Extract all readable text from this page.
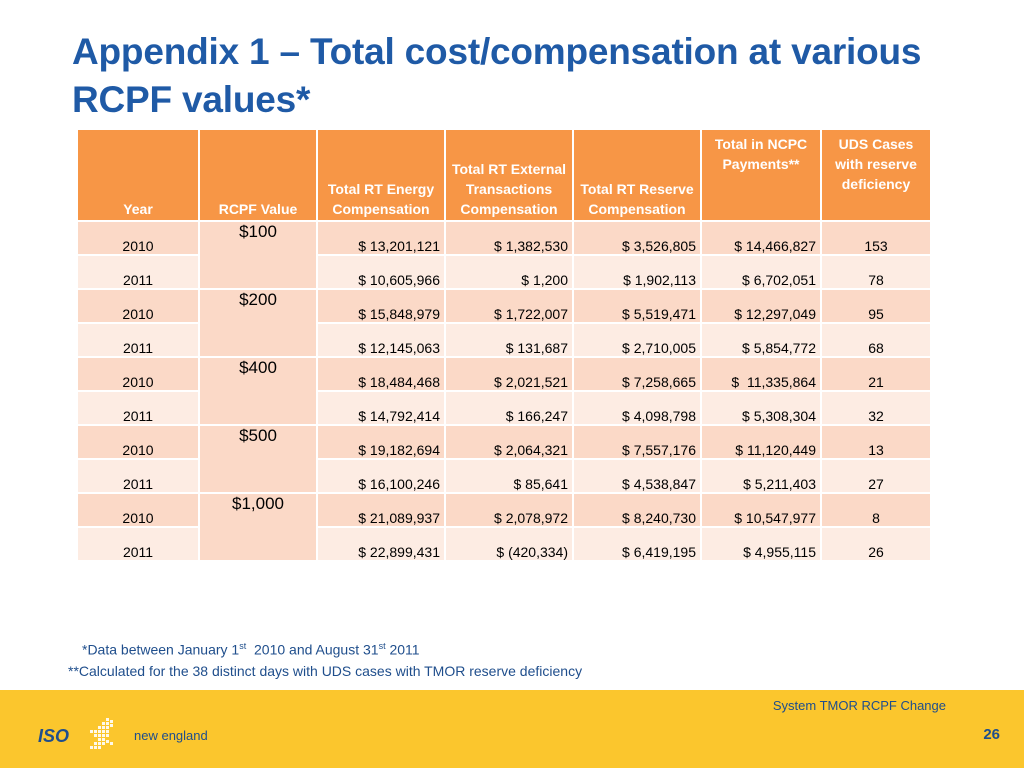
Appendix 1 – Total cost/compensation at various RCPF values*
Year	RCPF Value	Total RT Energy Compensation	Total RT External Transactions Compensation	Total RT Reserve Compensation	Total in NCPC Payments**	UDS Cases with reserve deficiency
2010	$100	$ 13,201,121	$ 1,382,530	$ 3,526,805	$ 14,466,827	153
2011		$ 10,605,966	$ 1,200	$ 1,902,113	$ 6,702,051	78
2010	$200	$ 15,848,979	$ 1,722,007	$ 5,519,471	$ 12,297,049	95
2011		$ 12,145,063	$ 131,687	$ 2,710,005	$ 5,854,772	68
2010	$400	$ 18,484,468	$ 2,021,521	$ 7,258,665	$  11,335,864	21
2011		$ 14,792,414	$ 166,247	$ 4,098,798	$ 5,308,304	32
2010	$500	$ 19,182,694	$ 2,064,321	$ 7,557,176	$ 11,120,449	13
2011		$ 16,100,246	$ 85,641	$ 4,538,847	$ 5,211,403	27
2010	$1,000	$ 21,089,937	$ 2,078,972	$ 8,240,730	$ 10,547,977	8
2011		$ 22,899,431	$ (420,334)	$ 6,419,195	$ 4,955,115	26
*Data between January 1st  2010 and August 31st 2011
**Calculated for the 38 distinct days with UDS cases with TMOR reserve deficiency
System TMOR RCPF Change
26
ISO	new england
